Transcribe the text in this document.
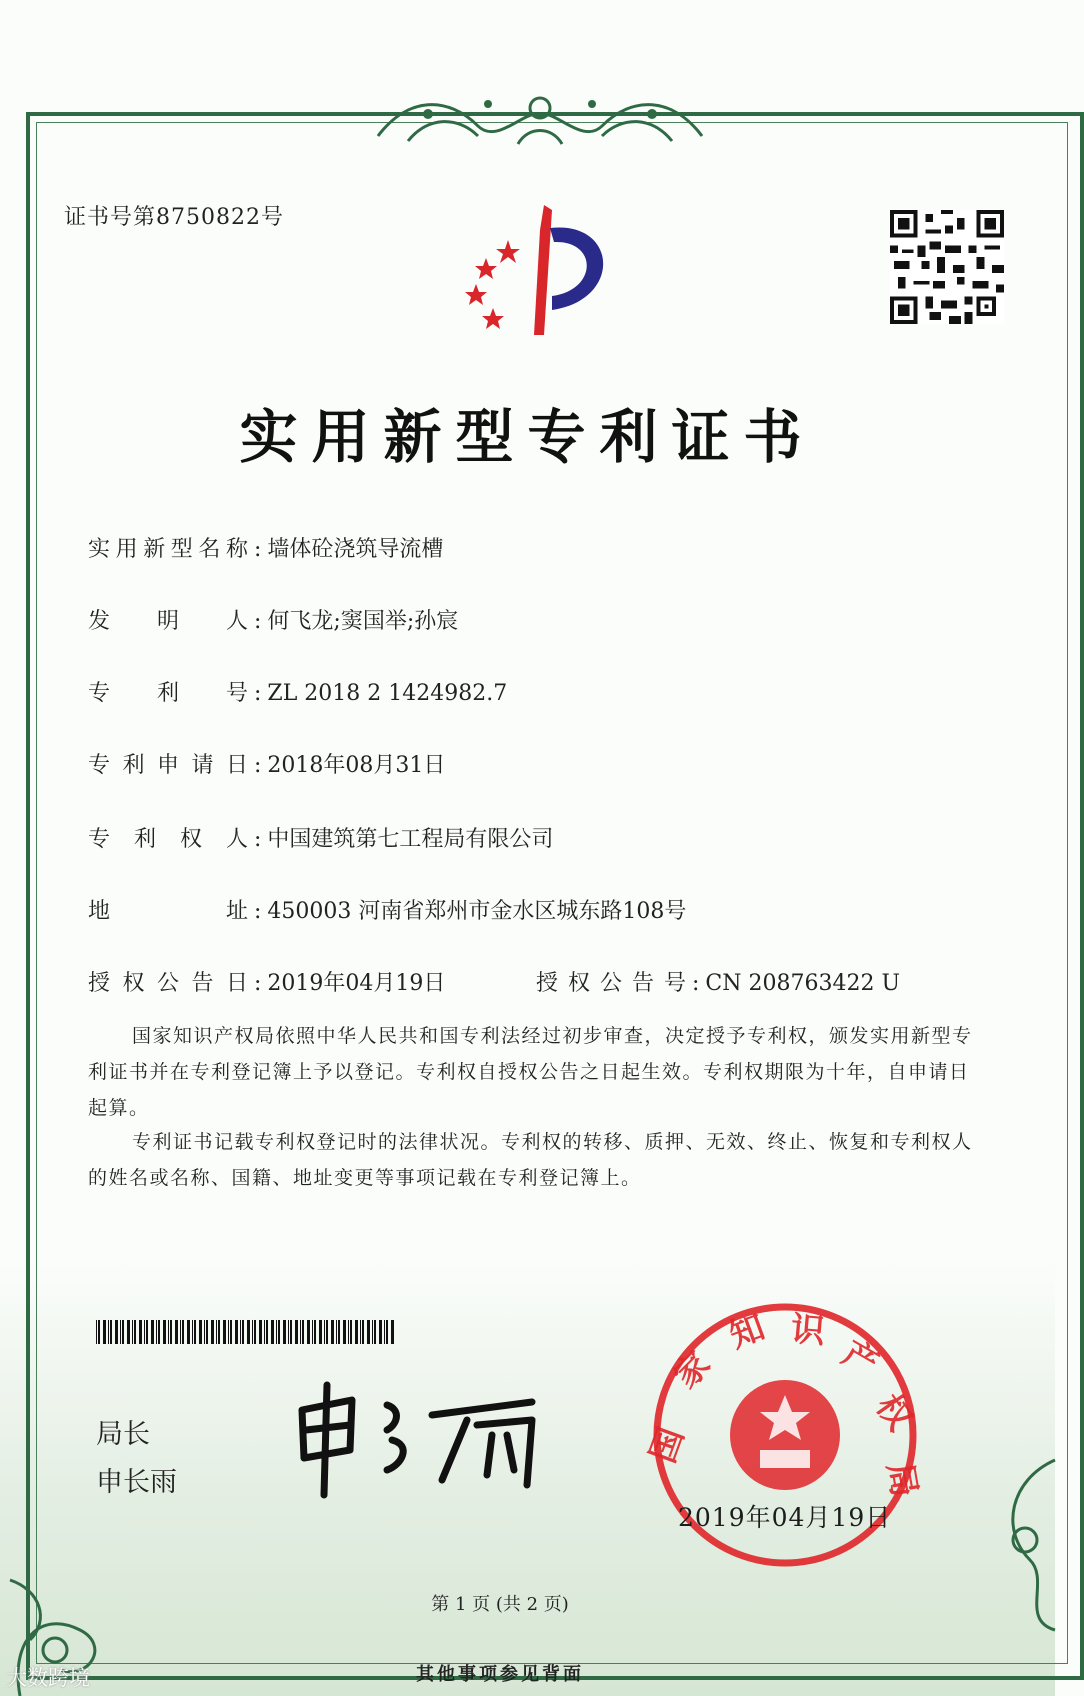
证书号第8750822号
实用新型专利证书
实用新型名称 : 墙体砼浇筑导流槽
发明人 : 何飞龙;窦国举;孙宸
专利号 : ZL 2018 2 1424982.7
专利申请日 : 2018年08月31日
专利权人 : 中国建筑第七工程局有限公司
地址 : 450003 河南省郑州市金水区城东路108号
授权公告日 : 2019年04月19日	授权公告号 : CN 208763422 U
国家知识产权局依照中华人民共和国专利法经过初步审查，决定授予专利权，颁发实用新型专利证书并在专利登记簿上予以登记。专利权自授权公告之日起生效。专利权期限为十年，自申请日起算。
专利证书记载专利权登记时的法律状况。专利权的转移、质押、无效、终止、恢复和专利权人的姓名或名称、国籍、地址变更等事项记载在专利登记簿上。
局长
申长雨
国
家
知 识
产
权
局
2019年04月19日
第 1 页 (共 2 页)
其他事项参见背面
大数跨境
